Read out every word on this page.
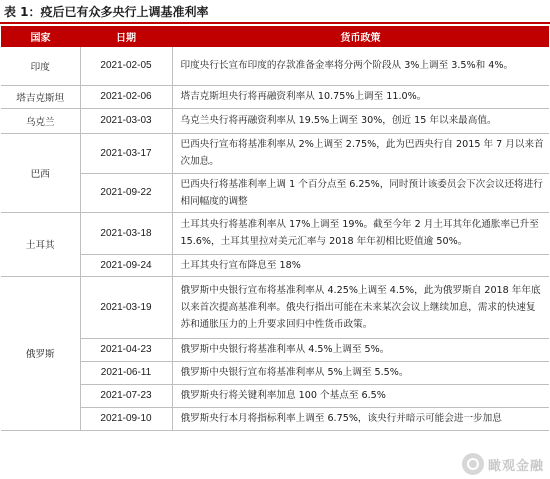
表 1：疫后已有众多央行上调基准利率
国家	日期	货币政策
印度	2021-02-05	印度央行长宣布印度的存款准备金率将分两个阶段从 3%上调至 3.5%和 4%。
塔吉克斯坦	2021-02-06	塔吉克斯坦央行将再融资利率从 10.75%上调至 11.0%。
乌克兰	2021-03-03	乌克兰央行将再融资利率从 19.5%上调至 30%，创近 15 年以来最高值。
巴西	2021-03-17	巴西央行宣布将基准利率从 2%上调至 2.75%，此为巴西央行自 2015 年 7 月以来首次加息。
	2021-09-22	巴西央行将基准利率上调 1 个百分点至 6.25%，同时预计该委员会下次会议还将进行相同幅度的调整
土耳其	2021-03-18	土耳其央行将基准利率从 17%上调至 19%。截至今年 2 月土耳其年化通胀率已升至 15.6%，土耳其里拉对美元汇率与 2018 年年初相比贬值逾 50%。
	2021-09-24	土耳其央行宣布降息至 18%
俄罗斯	2021-03-19	俄罗斯中央银行宣布将基准利率从 4.25%上调至 4.5%，此为俄罗斯自 2018 年年底以来首次提高基准利率。俄央行指出可能在未来某次会议上继续加息，需求的快速复苏和通胀压力的上升要求回归中性货币政策。
	2021-04-23	俄罗斯中央银行将基准利率从 4.5%上调至 5%。
	2021-06-11	俄罗斯中央银行宣布将基准利率从 5%上调至 5.5%。
	2021-07-23	俄罗斯央行将关键利率加息 100 个基点至 6.5%
	2021-09-10	俄罗斯央行本月将指标利率上调至 6.75%，该央行并暗示可能会进一步加息
瞰观金融
